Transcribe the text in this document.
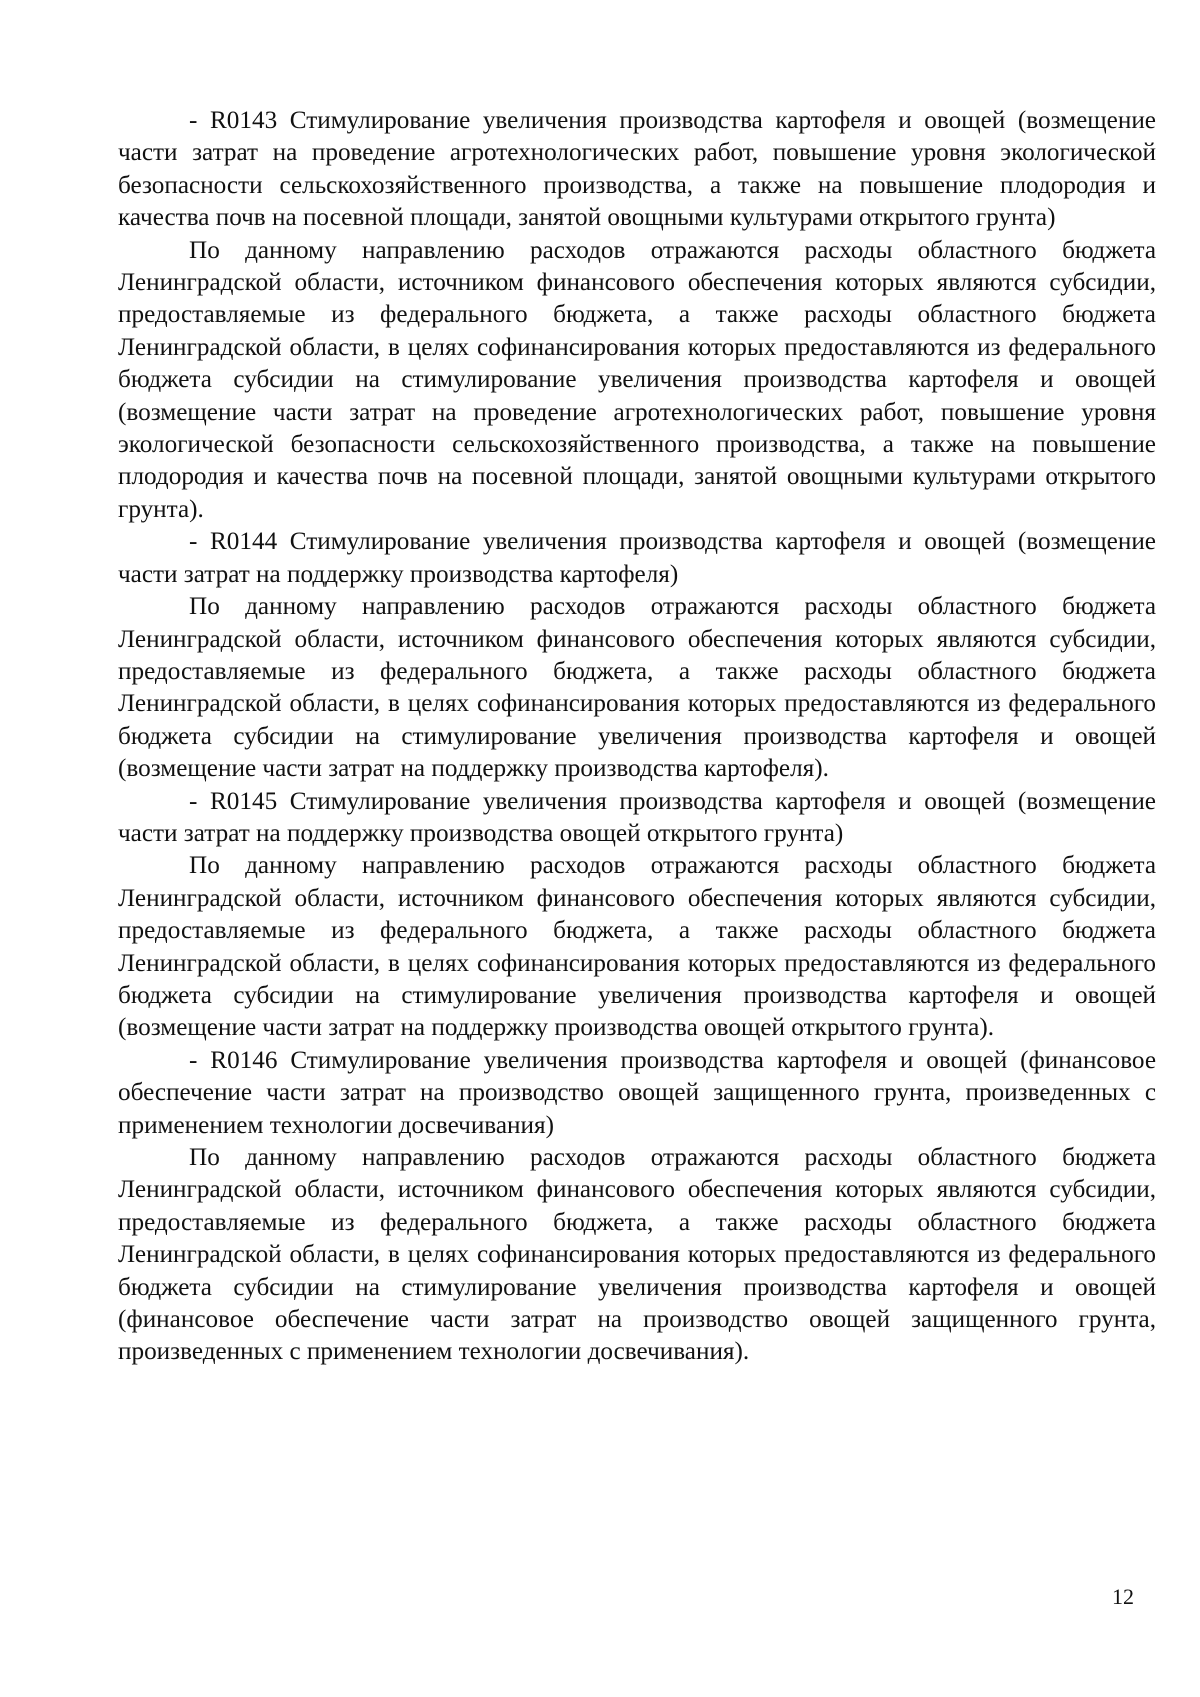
- R0143 Стимулирование увеличения производства картофеля и овощей (возмещение части затрат на проведение агротехнологических работ, повышение уровня экологической безопасности сельскохозяйственного производства, а также на повышение плодородия и качества почв на посевной площади, занятой овощными культурами открытого грунта)

По данному направлению расходов отражаются расходы областного бюджета Ленинградской области, источником финансового обеспечения которых являются субсидии, предоставляемые из федерального бюджета, а также расходы областного бюджета Ленинградской области, в целях софинансирования которых предоставляются из федерального бюджета субсидии на стимулирование увеличения производства картофеля и овощей (возмещение части затрат на проведение агротехнологических работ, повышение уровня экологической безопасности сельскохозяйственного производства, а также на повышение плодородия и качества почв на посевной площади, занятой овощными культурами открытого грунта).

- R0144 Стимулирование увеличения производства картофеля и овощей (возмещение части затрат на поддержку производства картофеля)

По данному направлению расходов отражаются расходы областного бюджета Ленинградской области, источником финансового обеспечения которых являются субсидии, предоставляемые из федерального бюджета, а также расходы областного бюджета Ленинградской области, в целях софинансирования которых предоставляются из федерального бюджета субсидии на стимулирование увеличения производства картофеля и овощей (возмещение части затрат на поддержку производства картофеля).

- R0145 Стимулирование увеличения производства картофеля и овощей (возмещение части затрат на поддержку производства овощей открытого грунта)

По данному направлению расходов отражаются расходы областного бюджета Ленинградской области, источником финансового обеспечения которых являются субсидии, предоставляемые из федерального бюджета, а также расходы областного бюджета Ленинградской области, в целях софинансирования которых предоставляются из федерального бюджета субсидии на стимулирование увеличения производства картофеля и овощей (возмещение части затрат на поддержку производства овощей открытого грунта).

- R0146 Стимулирование увеличения производства картофеля и овощей (финансовое обеспечение части затрат на производство овощей защищенного грунта, произведенных с применением технологии досвечивания)

По данному направлению расходов отражаются расходы областного бюджета Ленинградской области, источником финансового обеспечения которых являются субсидии, предоставляемые из федерального бюджета, а также расходы областного бюджета Ленинградской области, в целях софинансирования которых предоставляются из федерального бюджета субсидии на стимулирование увеличения производства картофеля и овощей (финансовое обеспечение части затрат на производство овощей защищенного грунта, произведенных с применением технологии досвечивания).

12
